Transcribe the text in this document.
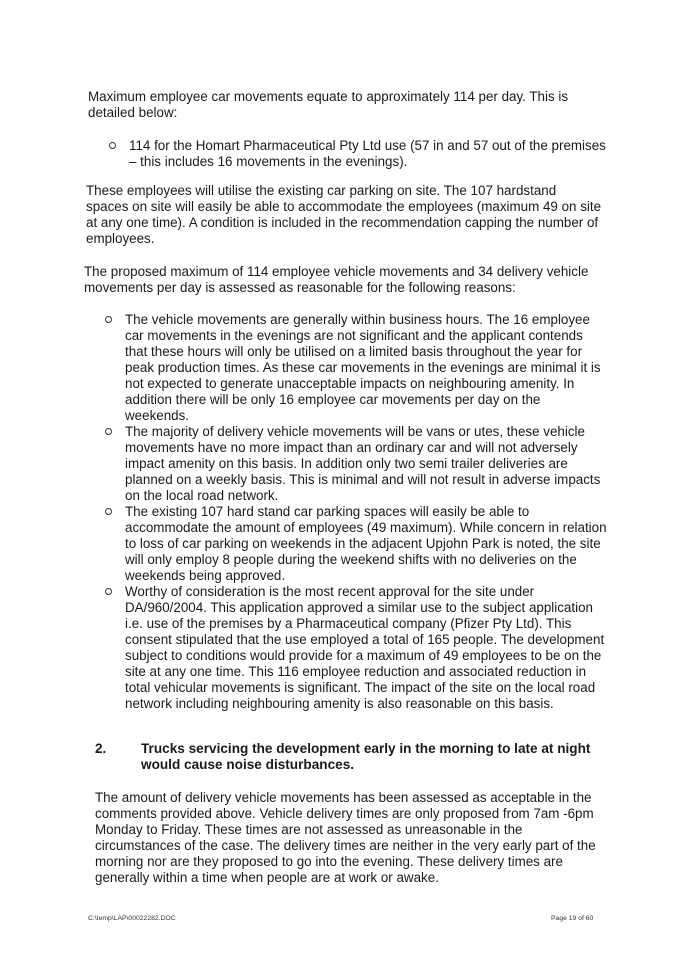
Maximum employee car movements equate to approximately 114 per day. This is detailed below:

114 for the Homart Pharmaceutical Pty Ltd use (57 in and 57 out of the premises – this includes 16 movements in the evenings).

These employees will utilise the existing car parking on site. The 107 hardstand spaces on site will easily be able to accommodate the employees (maximum 49 on site at any one time). A condition is included in the recommendation capping the number of employees.

The proposed maximum of 114 employee vehicle movements and 34 delivery vehicle movements per day is assessed as reasonable for the following reasons:

The vehicle movements are generally within business hours. The 16 employee car movements in the evenings are not significant and the applicant contends that these hours will only be utilised on a limited basis throughout the year for peak production times. As these car movements in the evenings are minimal it is not expected to generate unacceptable impacts on neighbouring amenity. In addition there will be only 16 employee car movements per day on the weekends.
The majority of delivery vehicle movements will be vans or utes, these vehicle movements have no more impact than an ordinary car and will not adversely impact amenity on this basis. In addition only two semi trailer deliveries are planned on a weekly basis. This is minimal and will not result in adverse impacts on the local road network.
The existing 107 hard stand car parking spaces will easily be able to accommodate the amount of employees (49 maximum). While concern in relation to loss of car parking on weekends in the adjacent Upjohn Park is noted, the site will only employ 8 people during the weekend shifts with no deliveries on the weekends being approved.
Worthy of consideration is the most recent approval for the site under DA/960/2004. This application approved a similar use to the subject application i.e. use of the premises by a Pharmaceutical company (Pfizer Pty Ltd). This consent stipulated that the use employed a total of 165 people. The development subject to conditions would provide for a maximum of 49 employees to be on the site at any one time. This 116 employee reduction and associated reduction in total vehicular movements is significant. The impact of the site on the local road network including neighbouring amenity is also reasonable on this basis.
2.	Trucks servicing the development early in the morning to late at night would cause noise disturbances.

The amount of delivery vehicle movements has been assessed as acceptable in the comments provided above. Vehicle delivery times are only proposed from 7am -6pm Monday to Friday. These times are not assessed as unreasonable in the circumstances of the case. The delivery times are neither in the very early part of the morning nor are they proposed to go into the evening. These delivery times are generally within a time when people are at work or awake.

C:\temp\LAP\00022282.DOC	Page 19 of 60
